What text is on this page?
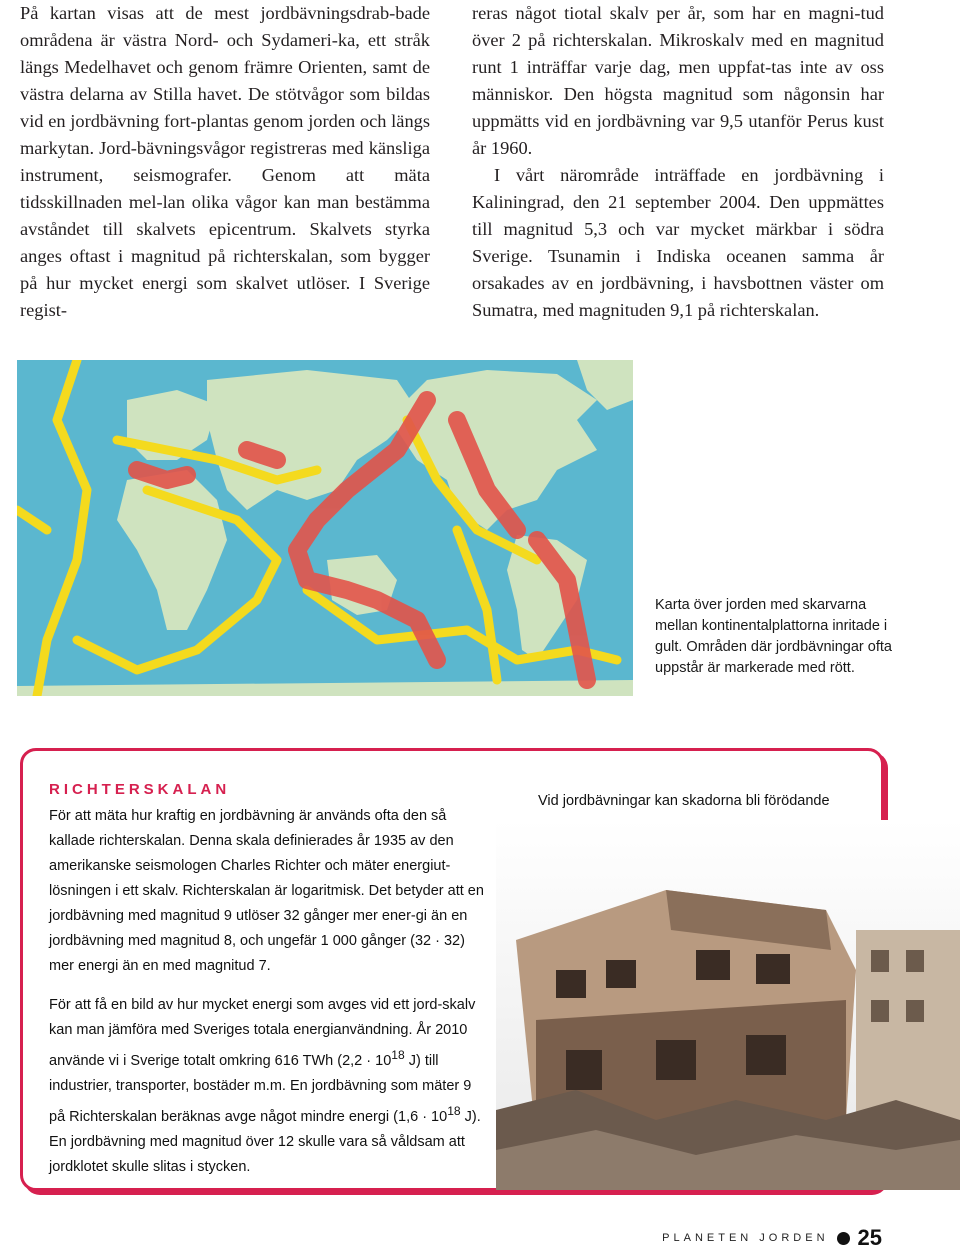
På kartan visas att de mest jordbävningsdrab-bade områdena är västra Nord- och Sydameri-ka, ett stråk längs Medelhavet och genom främre Orienten, samt de västra delarna av Stilla havet. De stötvågor som bildas vid en jordbävning fort-plantas genom jorden och längs markytan. Jord-bävningsvågor registreras med känsliga instrument, seismografer. Genom att mäta tidsskillnaden mel-lan olika vågor kan man bestämma avståndet till skalvets epicentrum. Skalvets styrka anges oftast i magnitud på richterskalan, som bygger på hur mycket energi som skalvet utlöser. I Sverige regist-

reras något tiotal skalv per år, som har en magni-tud över 2 på richterskalan. Mikroskalv med en magnitud runt 1 inträffar varje dag, men uppfat-tas inte av oss människor. Den högsta magnitud som någonsin har uppmätts vid en jordbävning var 9,5 utanför Perus kust år 1960.

I vårt närområde inträffade en jordbävning i Kaliningrad, den 21 september 2004. Den uppmättes till magnitud 5,3 och var mycket märkbar i södra Sverige. Tsunamin i Indiska oceanen samma år orsakades av en jordbävning, i havsbottnen väster om Sumatra, med magnituden 9,1 på richterskalan.

Karta över jorden med skarvarna mellan kontinentalplattorna inritade i gult. Områden där jordbävningar ofta uppstår är markerade med rött.
RICHTERSKALAN

För att mäta hur kraftig en jordbävning är används ofta den så kallade richterskalan. Denna skala definierades år 1935 av den amerikanske seismologen Charles Richter och mäter energiut-lösningen i ett skalv. Richterskalan är logaritmisk. Det betyder att en jordbävning med magnitud 9 utlöser 32 gånger mer ener-gi än en jordbävning med magnitud 8, och ungefär 1 000 gånger (32 · 32) mer energi än en med magnitud 7.

För att få en bild av hur mycket energi som avges vid ett jord-skalv kan man jämföra med Sveriges totala energianvändning. År 2010 använde vi i Sverige totalt omkring 616 TWh ($2,2 \cdot 10^{18}$ J) till industrier, transporter, bostäder m.m. En jordbävning som mäter 9 på Richterskalan beräknas avge något mindre energi ($1,6 \cdot 10^{18}$ J). En jordbävning med magnitud över 12 skulle vara så våldsam att jordklotet skulle slitas i stycken.

Vid jordbävningar kan skadorna bli förödande
PLANETEN JORDEN 25
